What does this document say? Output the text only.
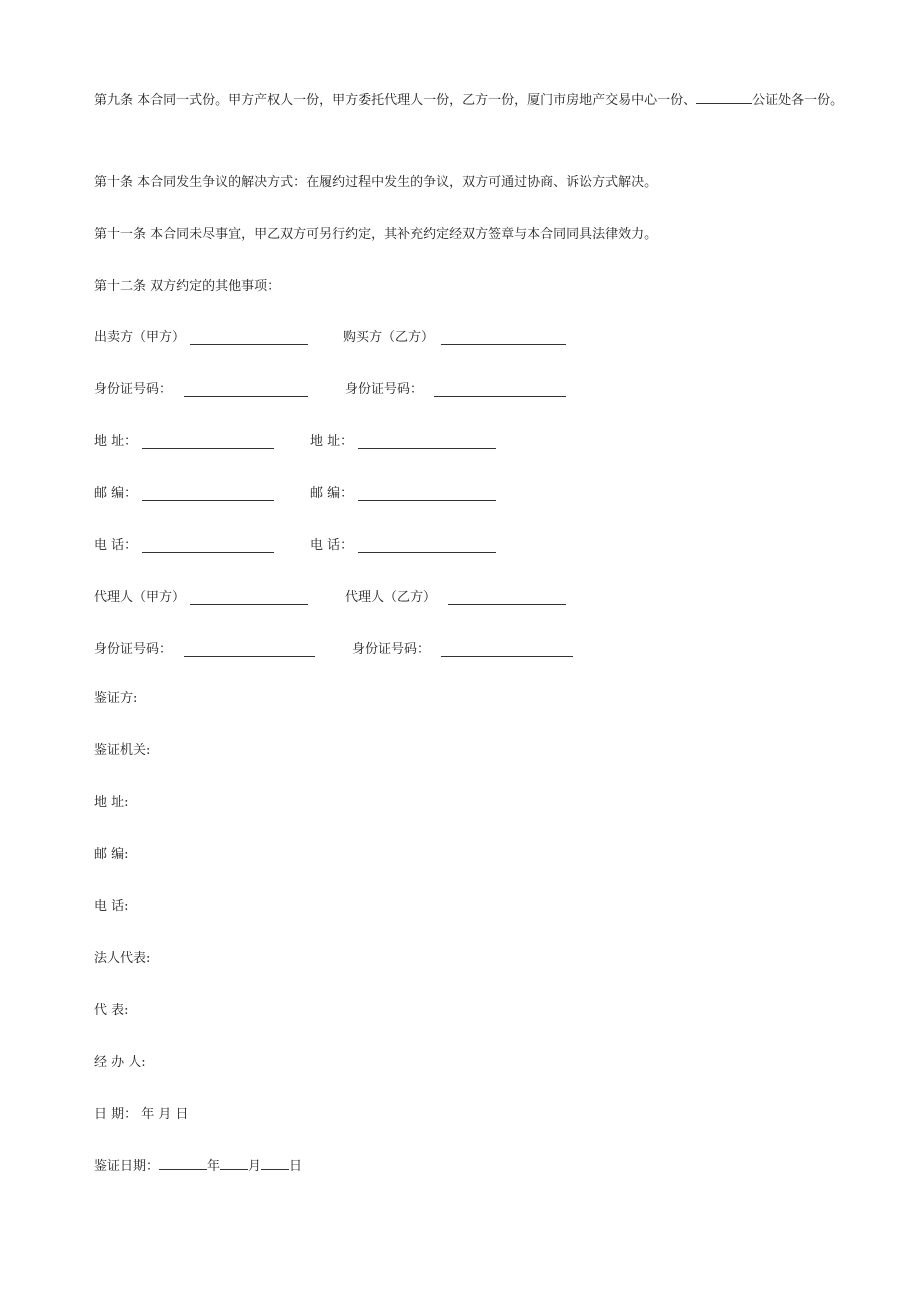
第九条 本合同一式份。甲方产权人一份，甲方委托代理人一份，乙方一份，厦门市房地产交易中心一份、	公证处各一份。
第十条 本合同发生争议的解决方式：在履约过程中发生的争议，双方可通过协商、诉讼方式解决。
第十一条 本合同未尽事宜，甲乙双方可另行约定，其补充约定经双方签章与本合同同具法律效力。
第十二条 双方约定的其他事项：
出卖方（甲方）	购买方（乙方）
身份证号码：	身份证号码：
地 址：	地 址：
邮 编：	邮 编：
电 话：	电 话：
代理人（甲方）	代理人（乙方）
身份证号码：	身份证号码：
鉴证方:
鉴证机关:
地 址:
邮 编:
电 话:
法人代表:
代 表:
经 办 人:
日 期： 年 月 日
鉴证日期：	年 月 日
